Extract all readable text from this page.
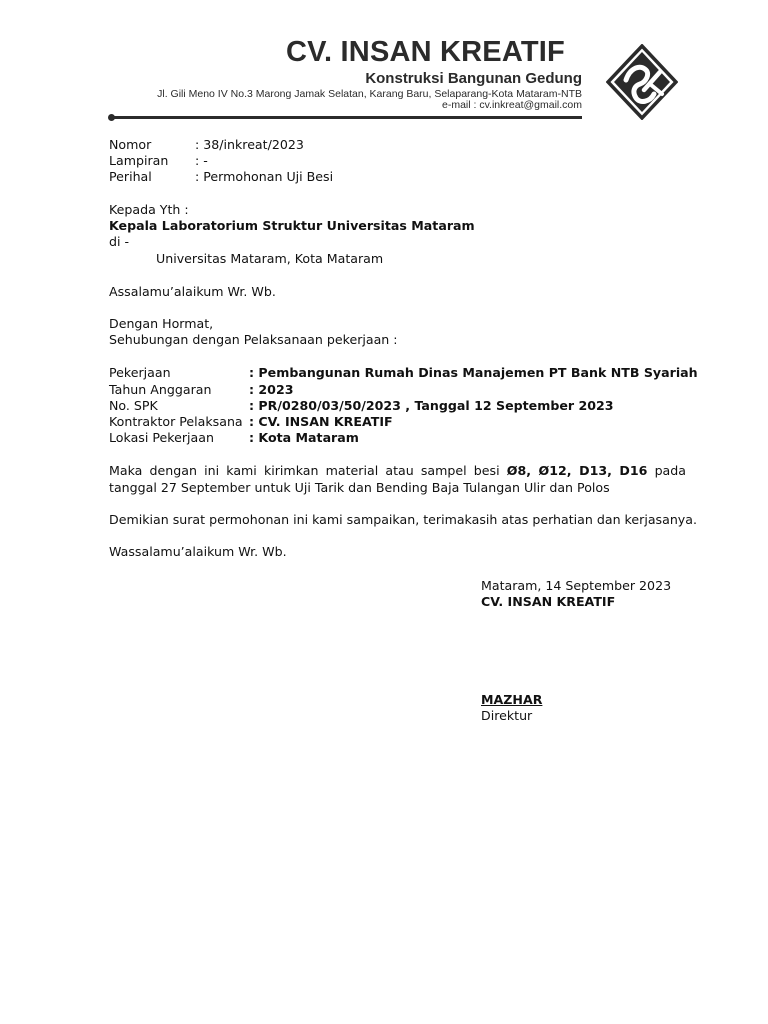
CV. INSAN KREATIF
Konstruksi Bangunan Gedung
Jl. Gili Meno IV No.3 Marong Jamak Selatan, Karang Baru, Selaparang-Kota Mataram-NTB
e-mail : cv.inkreat@gmail.com
Nomor	: 38/inkreat/2023
Lampiran : -
Perihal	: Permohonan Uji Besi
Kepada Yth :
Kepala Laboratorium Struktur Universitas Mataram
di -
Universitas Mataram, Kota Mataram
Assalamu’alaikum Wr. Wb.
Dengan Hormat,
Sehubungan dengan Pelaksanaan pekerjaan :
Pekerjaan	: Pembangunan Rumah Dinas Manajemen PT Bank NTB Syariah
Tahun Anggaran	: 2023
No. SPK	: PR/0280/03/50/2023 , Tanggal 12 September 2023
Kontraktor Pelaksana : CV. INSAN KREATIF
Lokasi Pekerjaan	: Kota Mataram
Maka dengan ini kami kirimkan material atau sampel besi Ø8, Ø12, D13, D16 pada tanggal 27 September untuk Uji Tarik dan Bending Baja Tulangan Ulir dan Polos
Demikian surat permohonan ini kami sampaikan, terimakasih atas perhatian dan kerjasanya.
Wassalamu’alaikum Wr. Wb.
Mataram, 14 September 2023
CV. INSAN KREATIF
MAZHAR
Direktur
